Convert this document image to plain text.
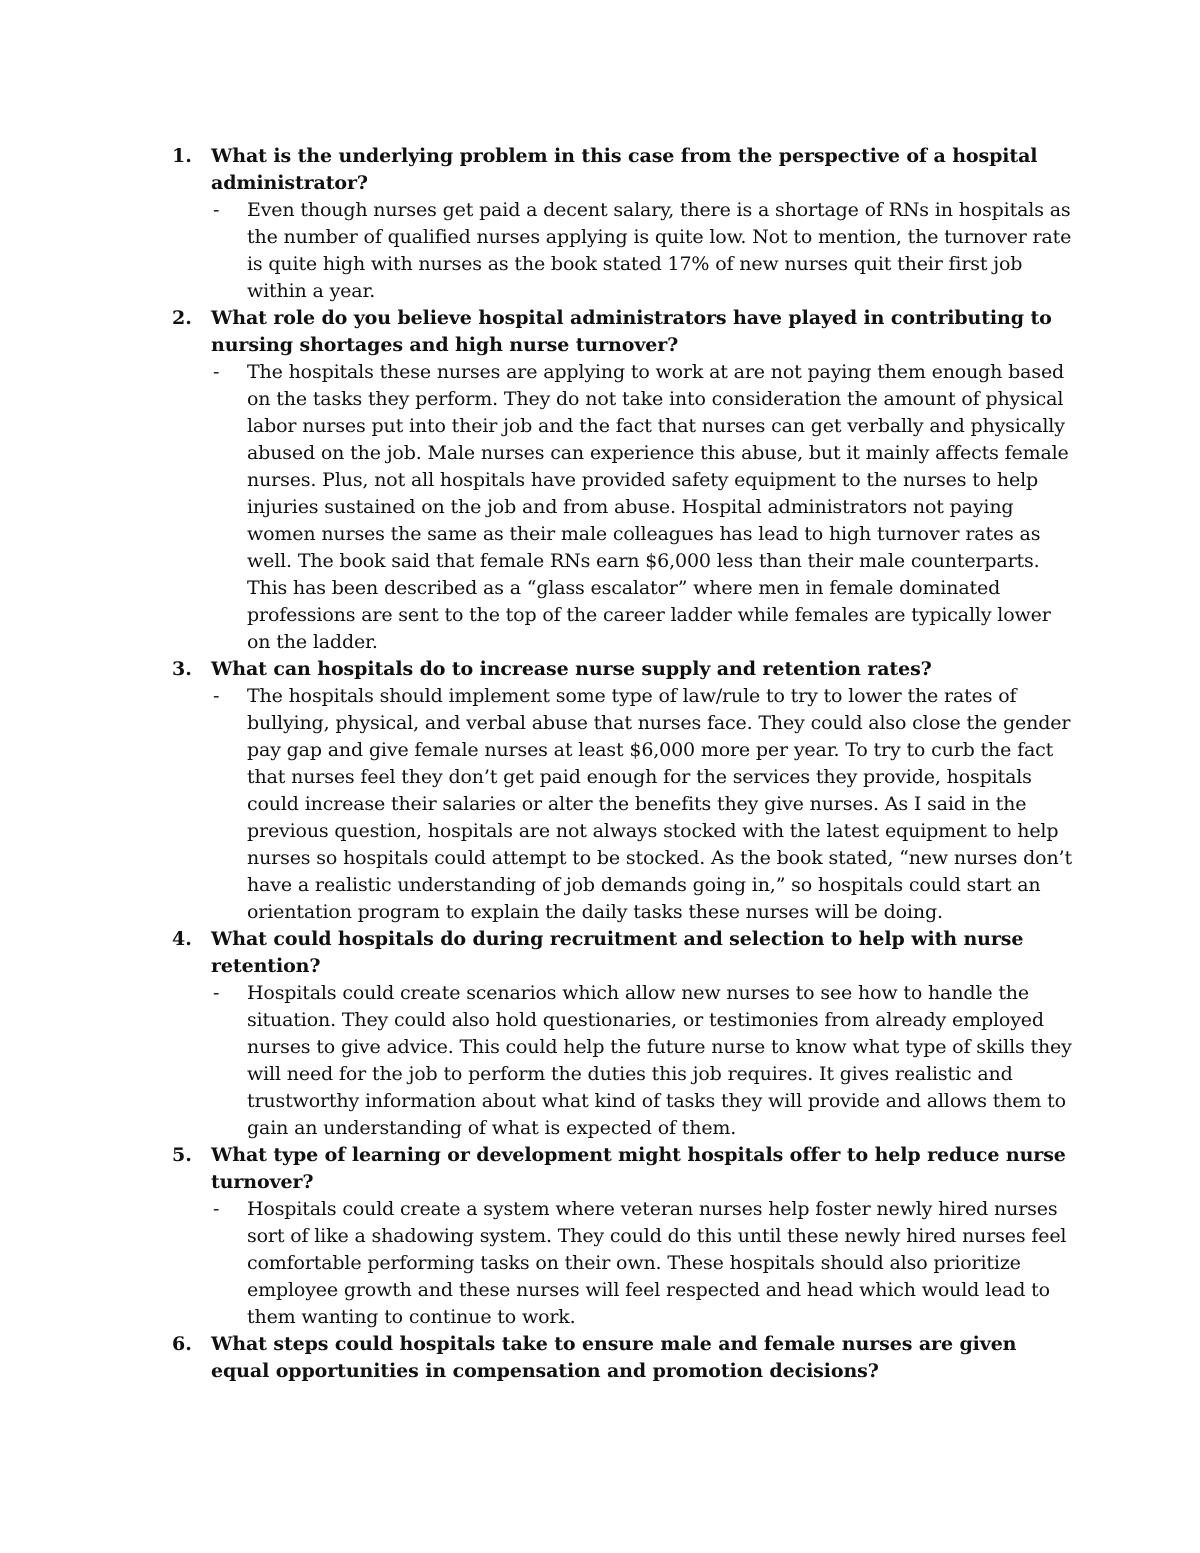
1. What is the underlying problem in this case from the perspective of a hospital administrator?

- Even though nurses get paid a decent salary, there is a shortage of RNs in hospitals as the number of qualified nurses applying is quite low. Not to mention, the turnover rate is quite high with nurses as the book stated 17% of new nurses quit their first job within a year.

2. What role do you believe hospital administrators have played in contributing to nursing shortages and high nurse turnover?

- The hospitals these nurses are applying to work at are not paying them enough based on the tasks they perform. They do not take into consideration the amount of physical labor nurses put into their job and the fact that nurses can get verbally and physically abused on the job. Male nurses can experience this abuse, but it mainly affects female nurses. Plus, not all hospitals have provided safety equipment to the nurses to help injuries sustained on the job and from abuse. Hospital administrators not paying women nurses the same as their male colleagues has lead to high turnover rates as well. The book said that female RNs earn $6,000 less than their male counterparts. This has been described as a “glass escalator” where men in female dominated professions are sent to the top of the career ladder while females are typically lower on the ladder.

3. What can hospitals do to increase nurse supply and retention rates?

- The hospitals should implement some type of law/rule to try to lower the rates of bullying, physical, and verbal abuse that nurses face. They could also close the gender pay gap and give female nurses at least $6,000 more per year. To try to curb the fact that nurses feel they don’t get paid enough for the services they provide, hospitals could increase their salaries or alter the benefits they give nurses. As I said in the previous question, hospitals are not always stocked with the latest equipment to help nurses so hospitals could attempt to be stocked. As the book stated, “new nurses don’t have a realistic understanding of job demands going in,” so hospitals could start an orientation program to explain the daily tasks these nurses will be doing.

4. What could hospitals do during recruitment and selection to help with nurse retention?

- Hospitals could create scenarios which allow new nurses to see how to handle the situation. They could also hold questionaries, or testimonies from already employed nurses to give advice. This could help the future nurse to know what type of skills they will need for the job to perform the duties this job requires. It gives realistic and trustworthy information about what kind of tasks they will provide and allows them to gain an understanding of what is expected of them.

5. What type of learning or development might hospitals offer to help reduce nurse turnover?

- Hospitals could create a system where veteran nurses help foster newly hired nurses sort of like a shadowing system. They could do this until these newly hired nurses feel comfortable performing tasks on their own. These hospitals should also prioritize employee growth and these nurses will feel respected and head which would lead to them wanting to continue to work.

6. What steps could hospitals take to ensure male and female nurses are given equal opportunities in compensation and promotion decisions?
